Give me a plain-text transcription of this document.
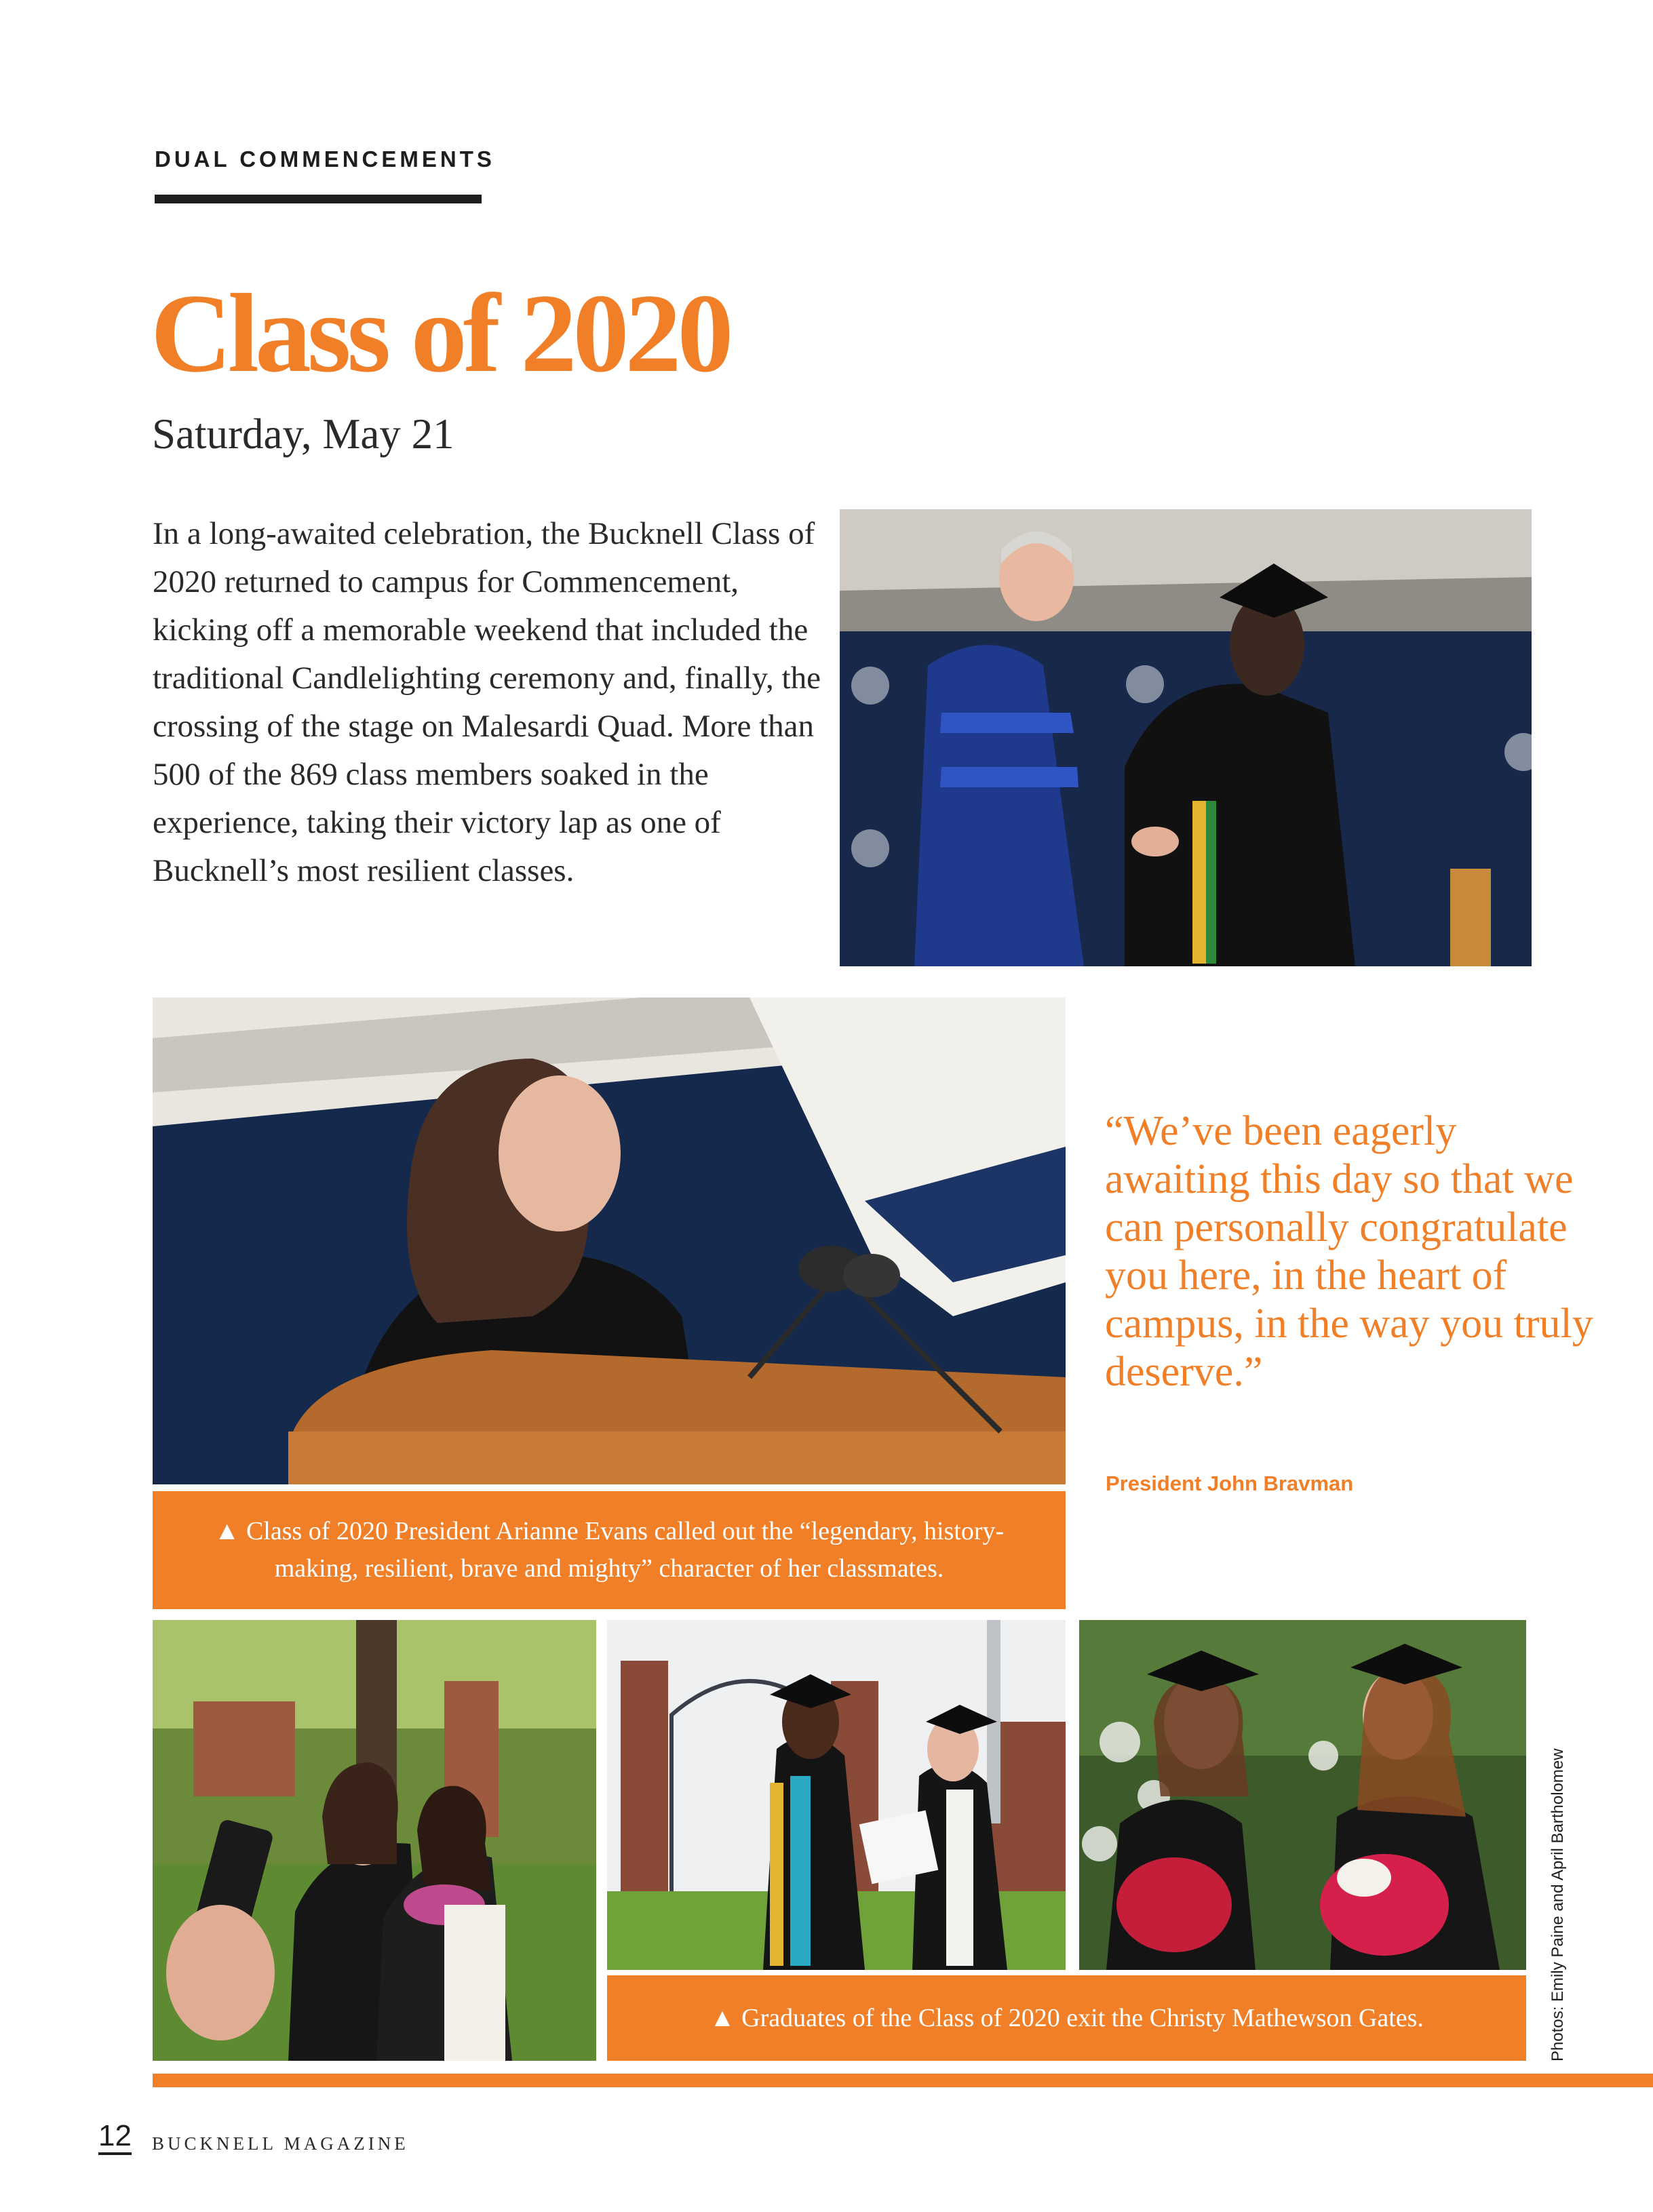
DUAL COMMENCEMENTS
Class of 2020
Saturday, May 21
In a long-awaited celebration, the Bucknell Class of 2020 returned to campus for Commencement, kicking off a memorable weekend that included the traditional Candlelighting ceremony and, finally, the crossing of the stage on Malesardi Quad. More than 500 of the 869 class members soaked in the experience, taking their victory lap as one of Bucknell’s most resilient classes.
“We’ve been eagerly awaiting this day so that we can personally congratulate you here, in the heart of campus, in the way you truly deserve.”
President John Bravman
▲ Class of 2020 President Arianne Evans called out the “legendary, history-making, resilient, brave and mighty” character of her classmates.
▲ Graduates of the Class of 2020 exit the Christy Mathewson Gates.	Photos: Emily Paine and April Bartholomew
12 BUCKNELL MAGAZINE
